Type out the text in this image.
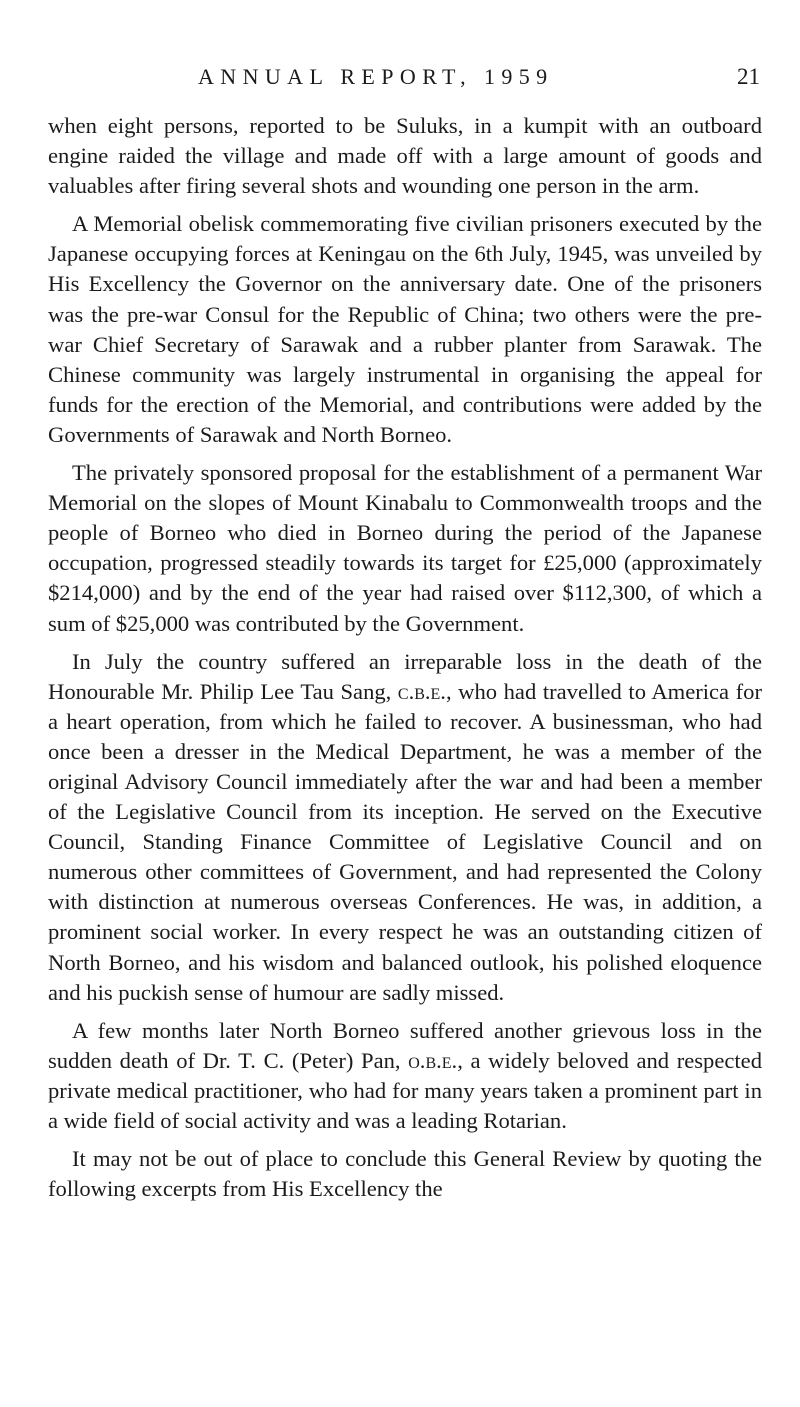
ANNUAL REPORT, 1959	21

when eight persons, reported to be Suluks, in a kumpit with an outboard engine raided the village and made off with a large amount of goods and valuables after firing several shots and wounding one person in the arm.

A Memorial obelisk commemorating five civilian prisoners executed by the Japanese occupying forces at Keningau on the 6th July, 1945, was unveiled by His Excellency the Governor on the anniversary date. One of the prisoners was the pre-war Consul for the Republic of China; two others were the pre-war Chief Secretary of Sarawak and a rubber planter from Sarawak. The Chinese community was largely instrumental in organising the appeal for funds for the erection of the Memorial, and contributions were added by the Governments of Sarawak and North Borneo.

The privately sponsored proposal for the establishment of a permanent War Memorial on the slopes of Mount Kinabalu to Commonwealth troops and the people of Borneo who died in Borneo during the period of the Japanese occupation, progressed steadily towards its target for £25,000 (approximately $214,000) and by the end of the year had raised over $112,300, of which a sum of $25,000 was contributed by the Government.

In July the country suffered an irreparable loss in the death of the Honourable Mr. Philip Lee Tau Sang, c.b.e., who had travelled to America for a heart operation, from which he failed to recover. A businessman, who had once been a dresser in the Medical Department, he was a member of the original Advisory Council immediately after the war and had been a member of the Legislative Council from its inception. He served on the Executive Council, Standing Finance Committee of Legislative Council and on numerous other committees of Government, and had represented the Colony with distinction at numerous overseas Conferences. He was, in addition, a prominent social worker. In every respect he was an outstanding citizen of North Borneo, and his wisdom and balanced outlook, his polished eloquence and his puckish sense of humour are sadly missed.

A few months later North Borneo suffered another grievous loss in the sudden death of Dr. T. C. (Peter) Pan, o.b.e., a widely beloved and respected private medical practitioner, who had for many years taken a prominent part in a wide field of social activity and was a leading Rotarian.

It may not be out of place to conclude this General Review by quoting the following excerpts from His Excellency the
